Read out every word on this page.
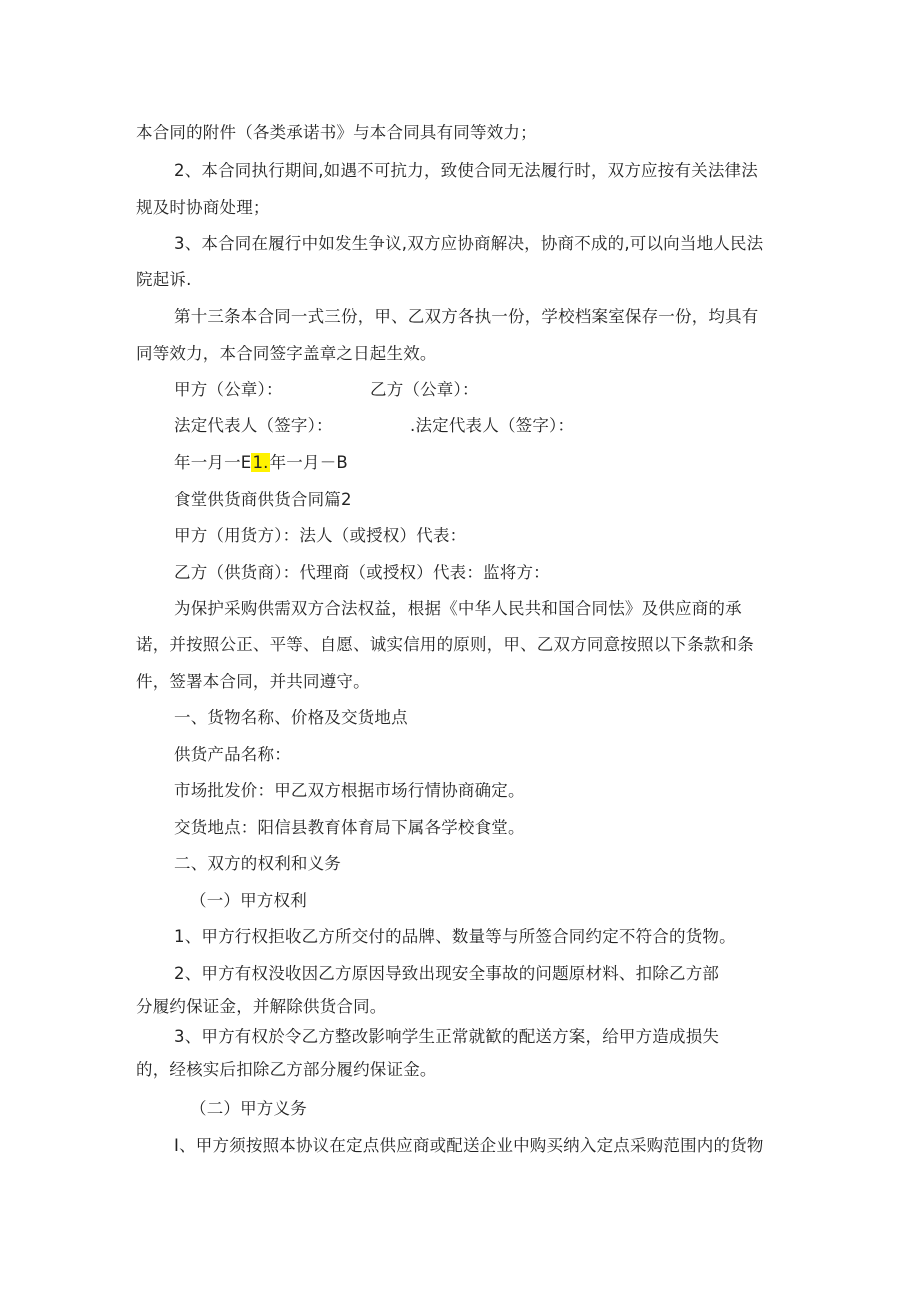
本合同的附件（各类承诺书》与本合同具有同等效力；
2、本合同执行期间,如遇不可抗力，致使合同无法履行时，双方应按有关法律法
规及时协商处理；
3、本合同在履行中如发生争议,双方应协商解决，协商不成的,可以向当地人民法
院起诉.
第十三条本合同一式三份，甲、乙双方各执一份，学校档案室保存一份，均具有
同等效力，本合同签字盖章之日起生效。
甲方（公章）：	乙方（公章）：
法定代表人（签字）：	.法定代表人（签字）：
年一月一E1.年一月－B
食堂供货商供货合同篇2
甲方（用货方）：法人（或授权）代表：
乙方（供货商）：代理商（或授权）代表：监将方：
为保护采购供需双方合法权益，根据《中华人民共和国合同怯》及供应商的承
诺，并按照公正、平等、自愿、诚实信用的原则，甲、乙双方同意按照以下条款和条
件，签署本合同，并共同遵守。
一、货物名称、价格及交货地点
供货产品名称：
市场批发价：甲乙双方根据市场行情协商确定。
交货地点：阳信县教育体育局下属各学校食堂。
二、双方的权利和义务
（一）甲方权利
1、甲方行权拒收乙方所交付的品牌、数量等与所签合同约定不符合的货物。
2、甲方有权没收因乙方原因导致出现安全事故的问题原材料、扣除乙方部
分履约保证金，并解除供货合同。
3、甲方有权於令乙方整改影响学生正常就歓的配送方案，给甲方造成损失
的，经核实后扣除乙方部分履约保证金。
（二）甲方义务
I、甲方须按照本协议在定点供应商或配送企业中购买纳入定点采购范围内的货物
